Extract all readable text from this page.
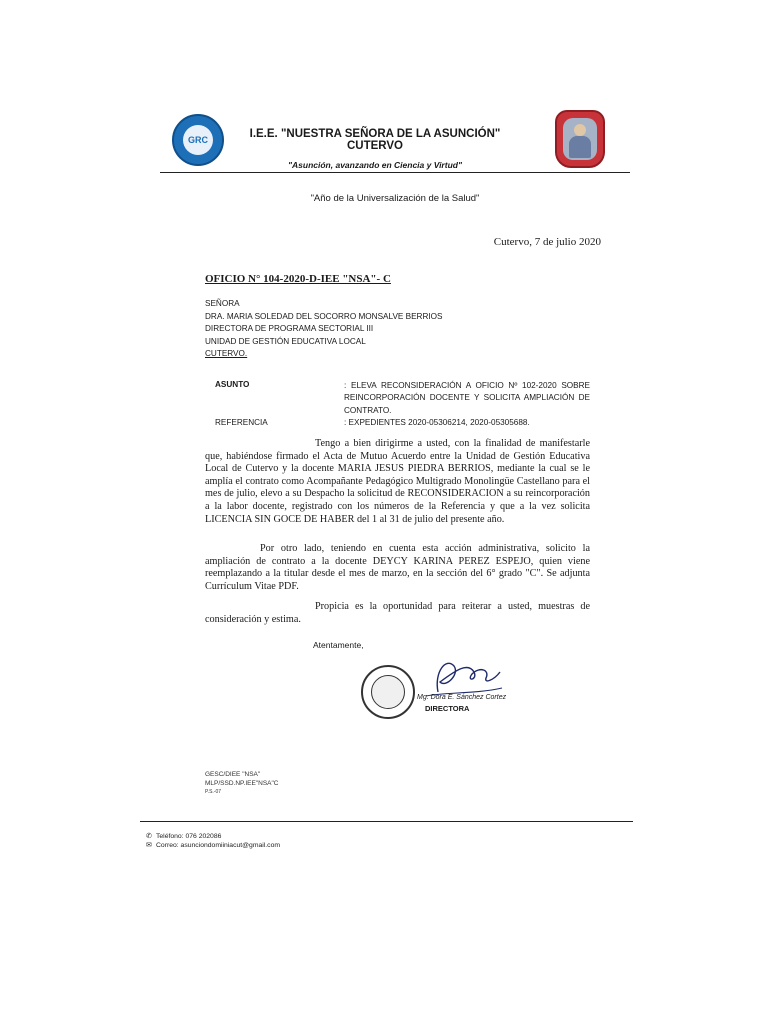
GRC	I.E.E. "NUESTRA SEÑORA DE LA ASUNCIÓN"
CUTERVO
"Asunción, avanzando en Ciencia y Virtud"
"Año de la Universalización de la Salud"
Cutervo, 7 de julio 2020
OFICIO N° 104-2020-D-IEE "NSA"- C
SEÑORA
DRA. MARIA SOLEDAD DEL SOCORRO MONSALVE BERRIOS
DIRECTORA DE PROGRAMA SECTORIAL III
UNIDAD DE GESTIÓN EDUCATIVA LOCAL
CUTERVO.
ASUNTO	: ELEVA RECONSIDERACIÓN A OFICIO Nº 102-2020 SOBRE REINCORPORACIÓN DOCENTE Y SOLICITA AMPLIACIÓN DE CONTRATO.
REFERENCIA	: EXPEDIENTES 2020-05306214, 2020-05305688.

Tengo a bien dirigirme a usted, con la finalidad de manifestarle que, habiéndose firmado el Acta de Mutuo Acuerdo entre la Unidad de Gestión Educativa Local de Cutervo y la docente MARIA JESUS PIEDRA BERRIOS, mediante la cual se le amplía el contrato como Acompañante Pedagógico Multigrado Monolingüe Castellano para el mes de julio, elevo a su Despacho la solicitud de RECONSIDERACION a su reincorporación a la labor docente, registrado con los números de la Referencia y que a la vez solicita LICENCIA SIN GOCE DE HABER del 1 al 31 de julio del presente año.

Por otro lado, teniendo en cuenta esta acción administrativa, solicito la ampliación de contrato a la docente DEYCY KARINA PEREZ ESPEJO, quien viene reemplazando a la titular desde el mes de marzo, en la sección del 6° grado "C". Se adjunta Currículum Vitae PDF.

Propicia es la oportunidad para reiterar a usted, muestras de consideración y estima.

Atentamente,
Mg. Dora E. Sánchez Cortez
DIRECTORA
GESC/DIEE "NSA"
MLP/SSD.NP.IEE"NSA"C
P.S.-07
✆ Teléfono: 076 202086
✉ Correo: asunciondomiiniacut@gmail.com
